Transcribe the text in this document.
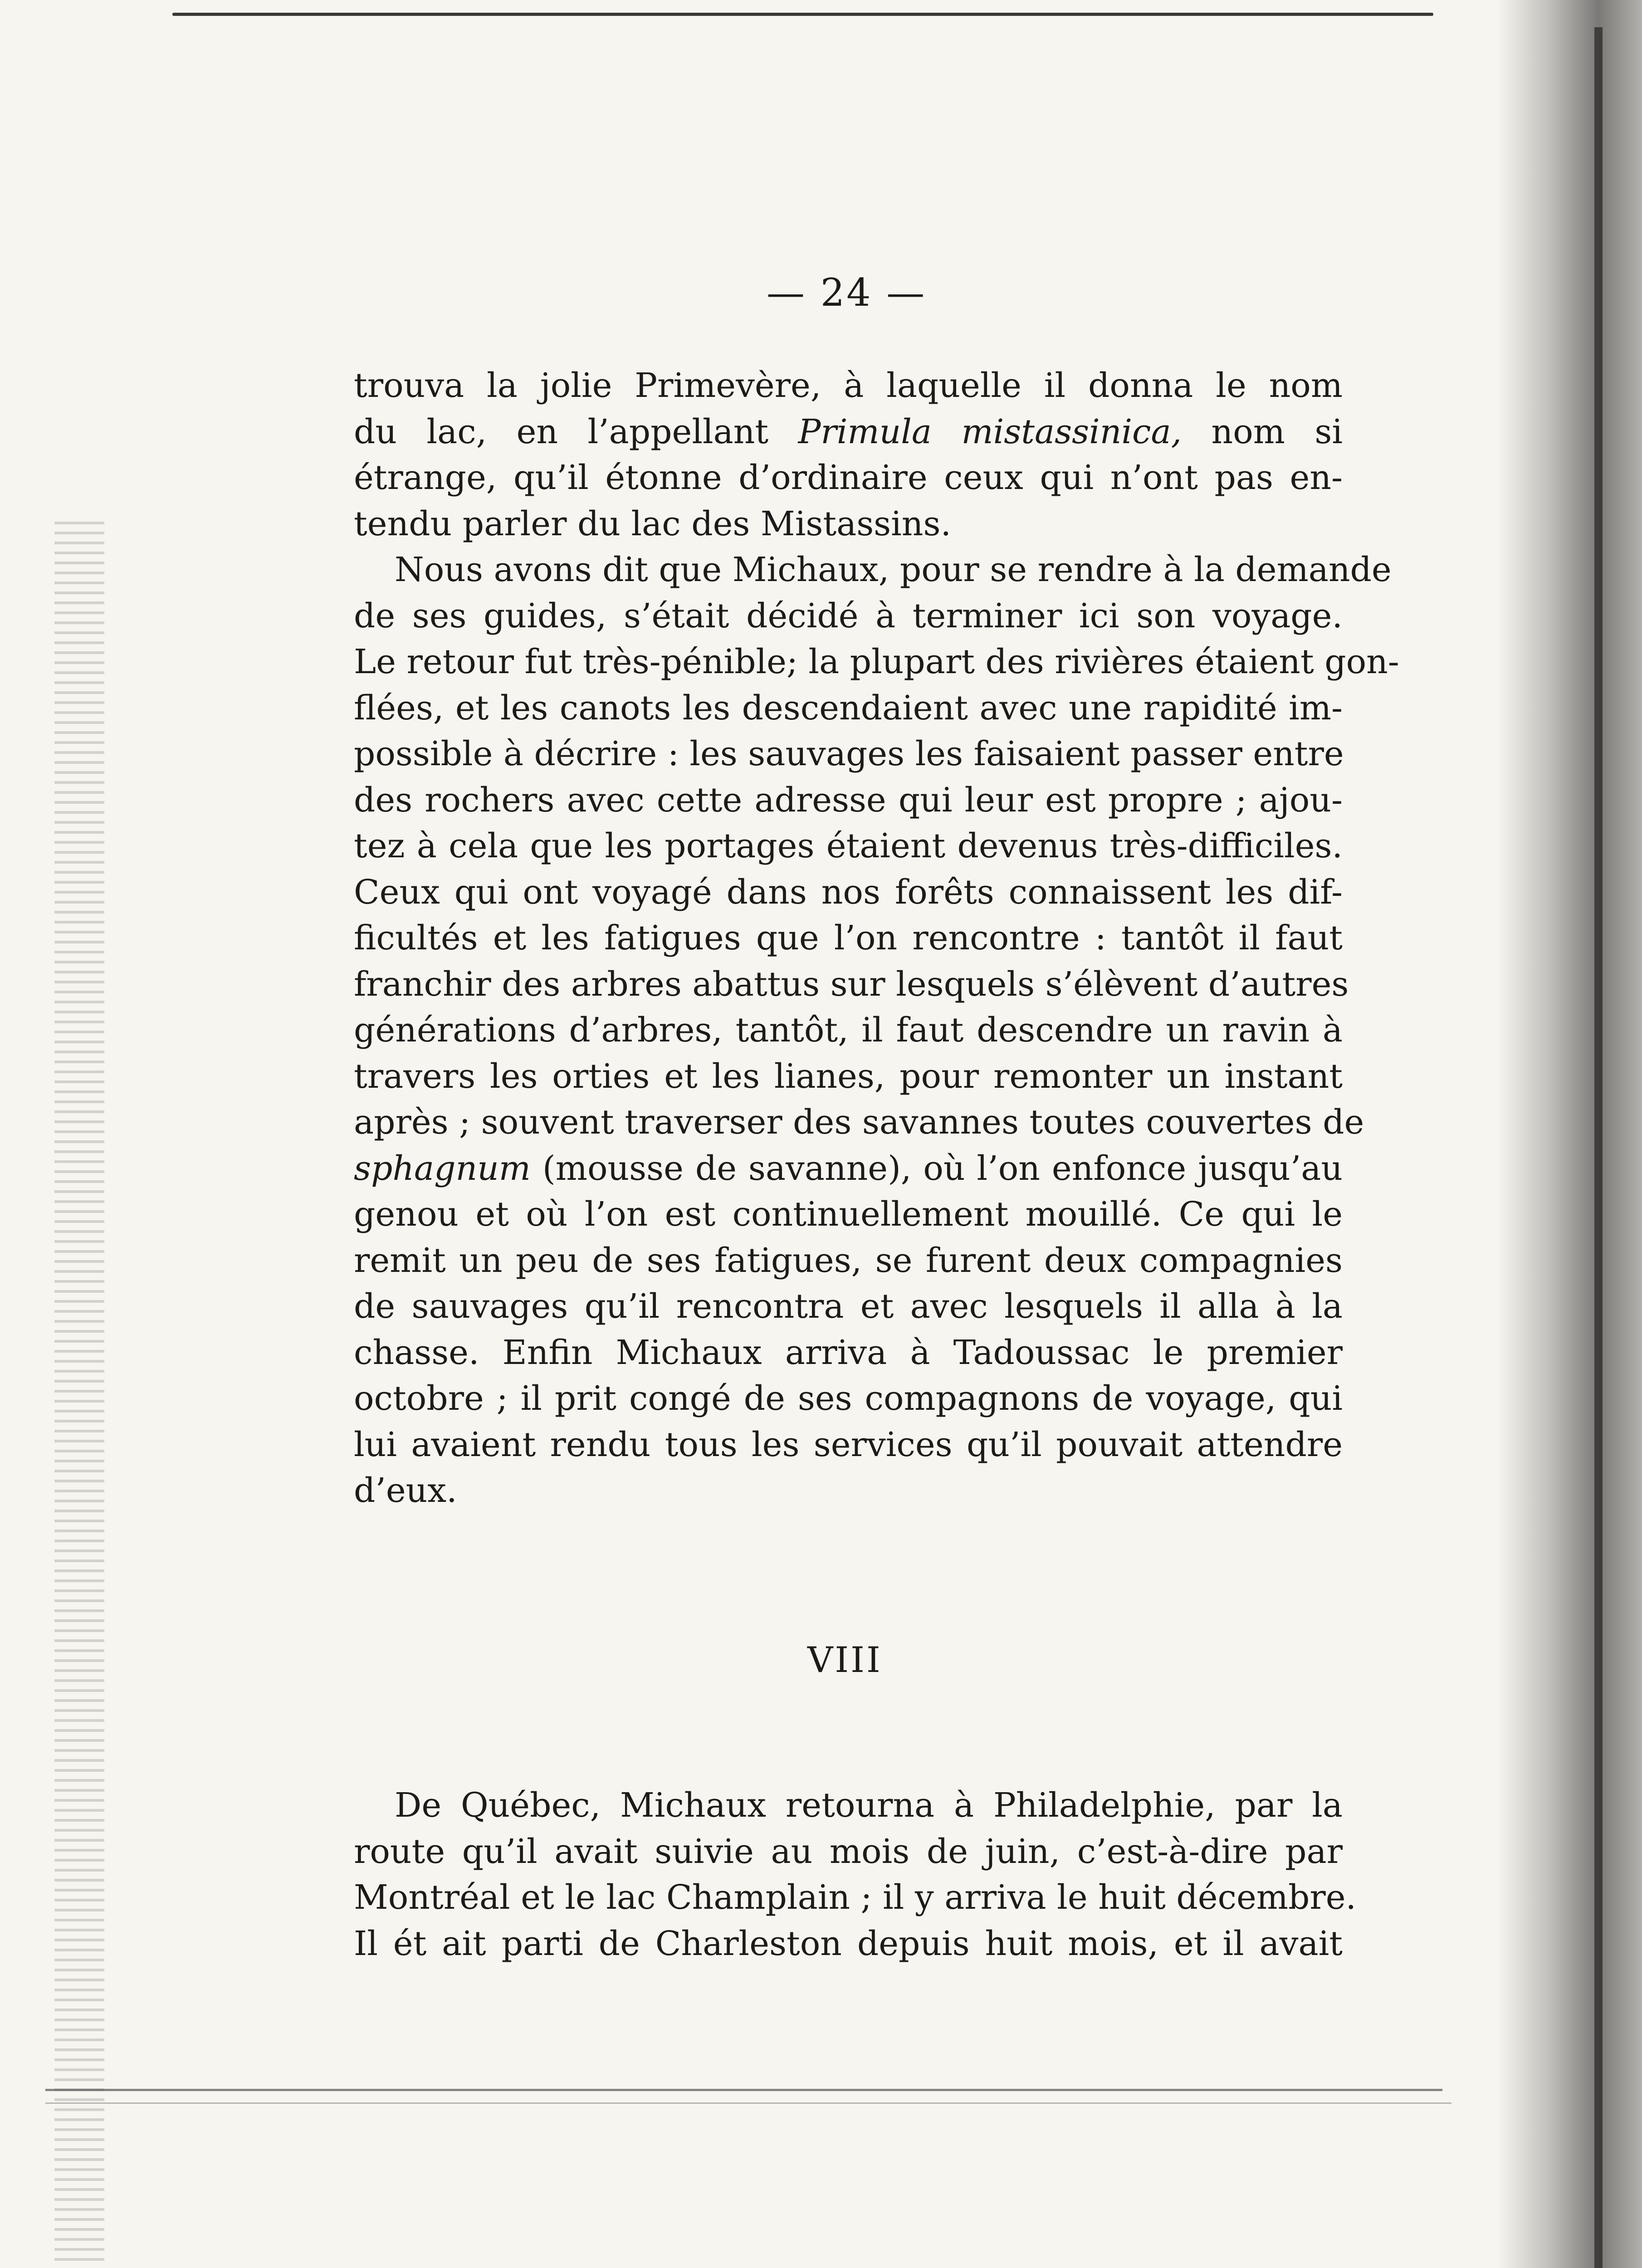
— 24 —
trouva la jolie Primevère, à laquelle il donna le nom
du lac, en l’appellant Primula mistassinica, nom si
étrange, qu’il étonne d’ordinaire ceux qui n’ont pas en-
tendu parler du lac des Mistassins.
Nous avons dit que Michaux, pour se rendre à la demande
de ses guides, s’était décidé à terminer ici son voyage.
Le retour fut très-pénible; la plupart des rivières étaient gon-
flées, et les canots les descendaient avec une rapidité im-
possible à décrire : les sauvages les faisaient passer entre
des rochers avec cette adresse qui leur est propre ; ajou-
tez à cela que les portages étaient devenus très-difficiles.
Ceux qui ont voyagé dans nos forêts connaissent les dif-
ficultés et les fatigues que l’on rencontre : tantôt il faut
franchir des arbres abattus sur lesquels s’élèvent d’autres
générations d’arbres, tantôt, il faut descendre un ravin à
travers les orties et les lianes, pour remonter un instant
après ; souvent traverser des savannes toutes couvertes de
sphagnum (mousse de savanne), où l’on enfonce jusqu’au
genou et où l’on est continuellement mouillé. Ce qui le
remit un peu de ses fatigues, se furent deux compagnies
de sauvages qu’il rencontra et avec lesquels il alla à la
chasse. Enfin Michaux arriva à Tadoussac le premier
octobre ; il prit congé de ses compagnons de voyage, qui
lui avaient rendu tous les services qu’il pouvait attendre
d’eux.
VIII
De Québec, Michaux retourna à Philadelphie, par la
route qu’il avait suivie au mois de juin, c’est-à-dire par
Montréal et le lac Champlain ; il y arriva le huit décembre.
Il ét ait parti de Charleston depuis huit mois, et il avait
